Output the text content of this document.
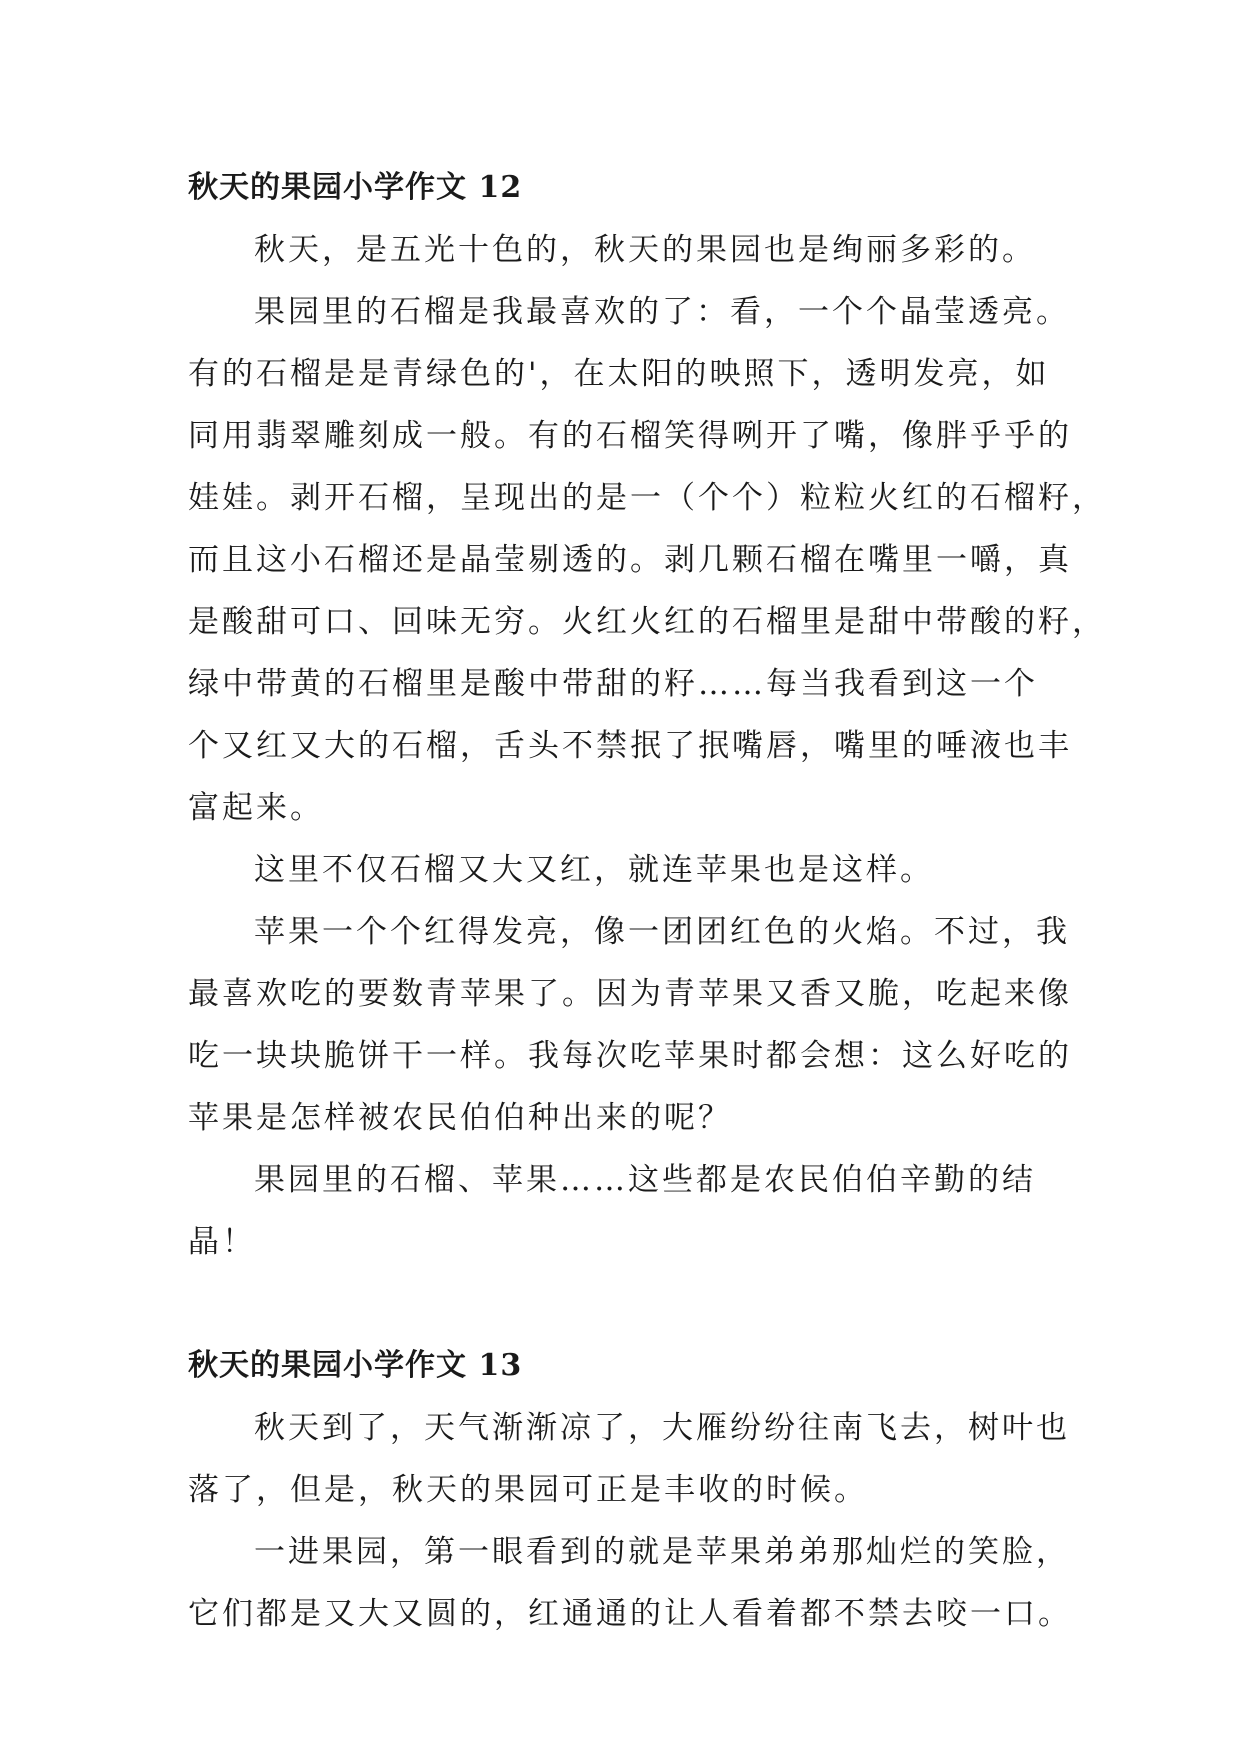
秋天的果园小学作文 12
秋天，是五光十色的，秋天的果园也是绚丽多彩的。
果园里的石榴是我最喜欢的了：看，一个个晶莹透亮。
有的石榴是是青绿色的'，在太阳的映照下，透明发亮，如
同用翡翠雕刻成一般。有的石榴笑得咧开了嘴，像胖乎乎的
娃娃。剥开石榴，呈现出的是一（个个）粒粒火红的石榴籽，
而且这小石榴还是晶莹剔透的。剥几颗石榴在嘴里一嚼，真
是酸甜可口、回味无穷。火红火红的石榴里是甜中带酸的籽，
绿中带黄的石榴里是酸中带甜的籽……每当我看到这一个
个又红又大的石榴，舌头不禁抿了抿嘴唇，嘴里的唾液也丰
富起来。
这里不仅石榴又大又红，就连苹果也是这样。
苹果一个个红得发亮，像一团团红色的火焰。不过，我
最喜欢吃的要数青苹果了。因为青苹果又香又脆，吃起来像
吃一块块脆饼干一样。我每次吃苹果时都会想：这么好吃的
苹果是怎样被农民伯伯种出来的呢？
果园里的石榴、苹果……这些都是农民伯伯辛勤的结
晶！
秋天的果园小学作文 13
秋天到了，天气渐渐凉了，大雁纷纷往南飞去，树叶也
落了，但是，秋天的果园可正是丰收的时候。
一进果园，第一眼看到的就是苹果弟弟那灿烂的笑脸，
它们都是又大又圆的，红通通的让人看着都不禁去咬一口。
